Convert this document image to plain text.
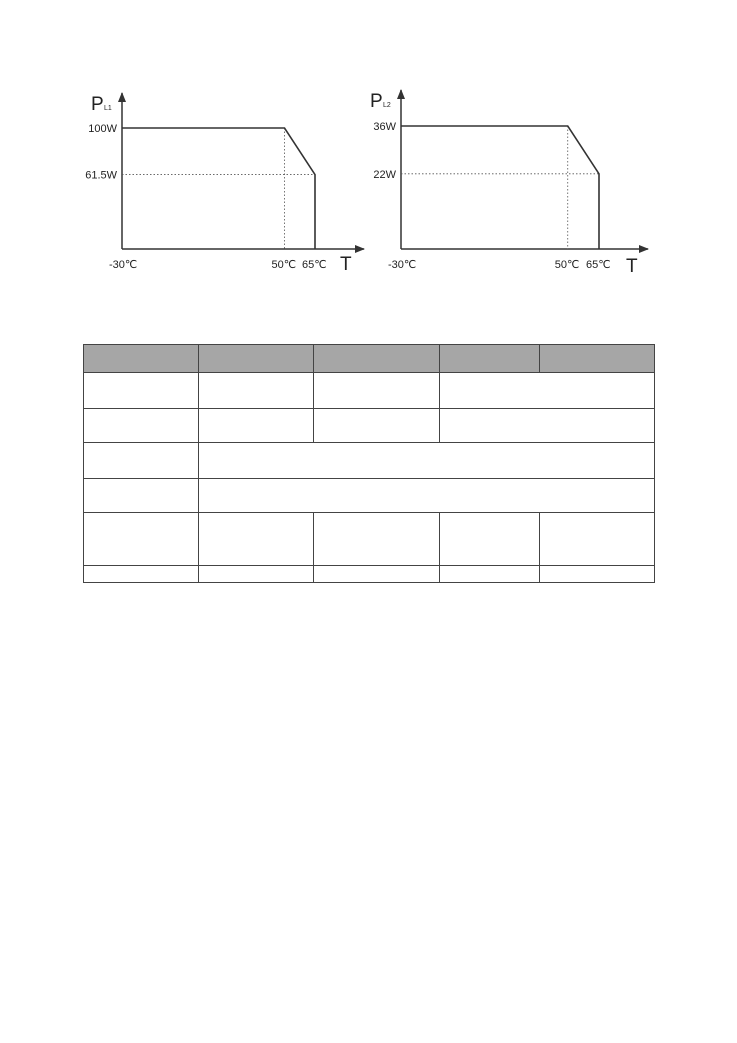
P L1
T
-30℃	50℃ 65℃
100W
61.5W
P L2
T
-30℃	50℃ 65℃
36W
22W
